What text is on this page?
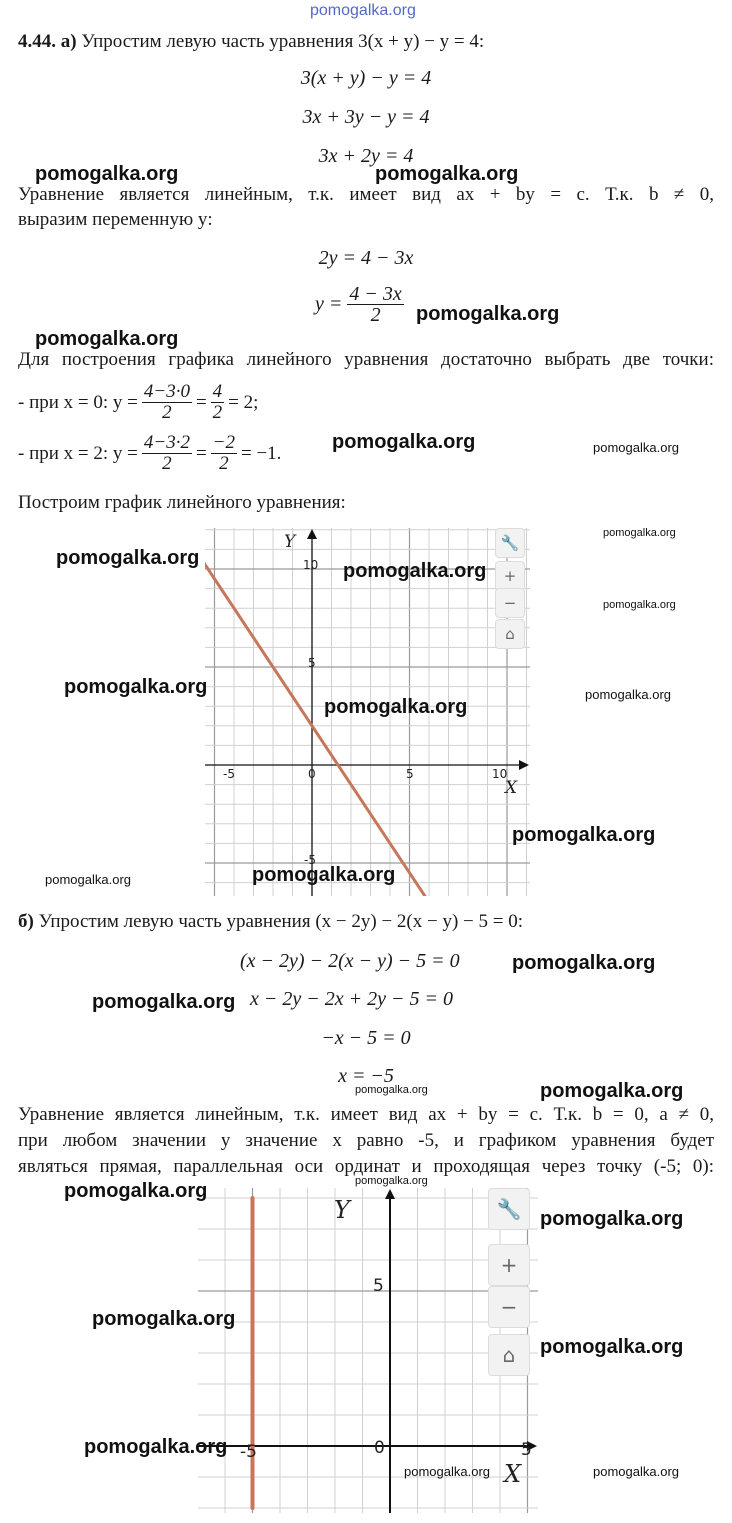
pomogalka.org
4.44. а) Упростим левую часть уравнения 3(x + y) − y = 4:
3(x + y) − y = 4
3x + 3y − y = 4
3x + 2y = 4
pomogalka.org	pomogalka.org
Уравнение является линейным, т.к. имеет вид ax + by = c. Т.к. b ≠ 0,
выразим переменную y:
2y = 4 − 3x
$y = \frac{4 - 3x}{2}$ pomogalka.org
pomogalka.org
Для построения графика линейного уравнения достаточно выбрать две точки:
- при x = 0: $y = \frac{4-3\cdot 0}{2} = \frac{4}{2} = 2$;
- при x = 2: $y = \frac{4-3\cdot 2}{2} = \frac{-2}{2} = -1$.	pomogalka.org	pomogalka.org
Построим график линейного уравнения:
Y
X
10
5
-5
-5	0	5	10
🔧
+
−
⌂
pomogalka.org
pomogalka.org
pomogalka.org
pomogalka.org
pomogalka.org	pomogalka.org
pomogalka.org
pomogalka.org
pomogalka.org	pomogalka.org
б) Упростим левую часть уравнения (x − 2y) − 2(x − y) − 5 = 0:
(x − 2y) − 2(x − y) − 5 = 0	pomogalka.org
pomogalka.org x − 2y − 2x + 2y − 5 = 0
−x − 5 = 0
x = −5
pomogalka.org	pomogalka.org
Уравнение является линейным, т.к. имеет вид ax + by = c. Т.к. b = 0, a ≠ 0,
при любом значении y значение x равно -5, и графиком уравнения будет
являться прямая, параллельная оси ординат и проходящая через точку (-5; 0):
pomogalka.org
Y
X
5
0
-5	5
🔧
+
−
⌂
pomogalka.org
pomogalka.org
pomogalka.org
pomogalka.org
pomogalka.org
pomogalka.org	pomogalka.org
